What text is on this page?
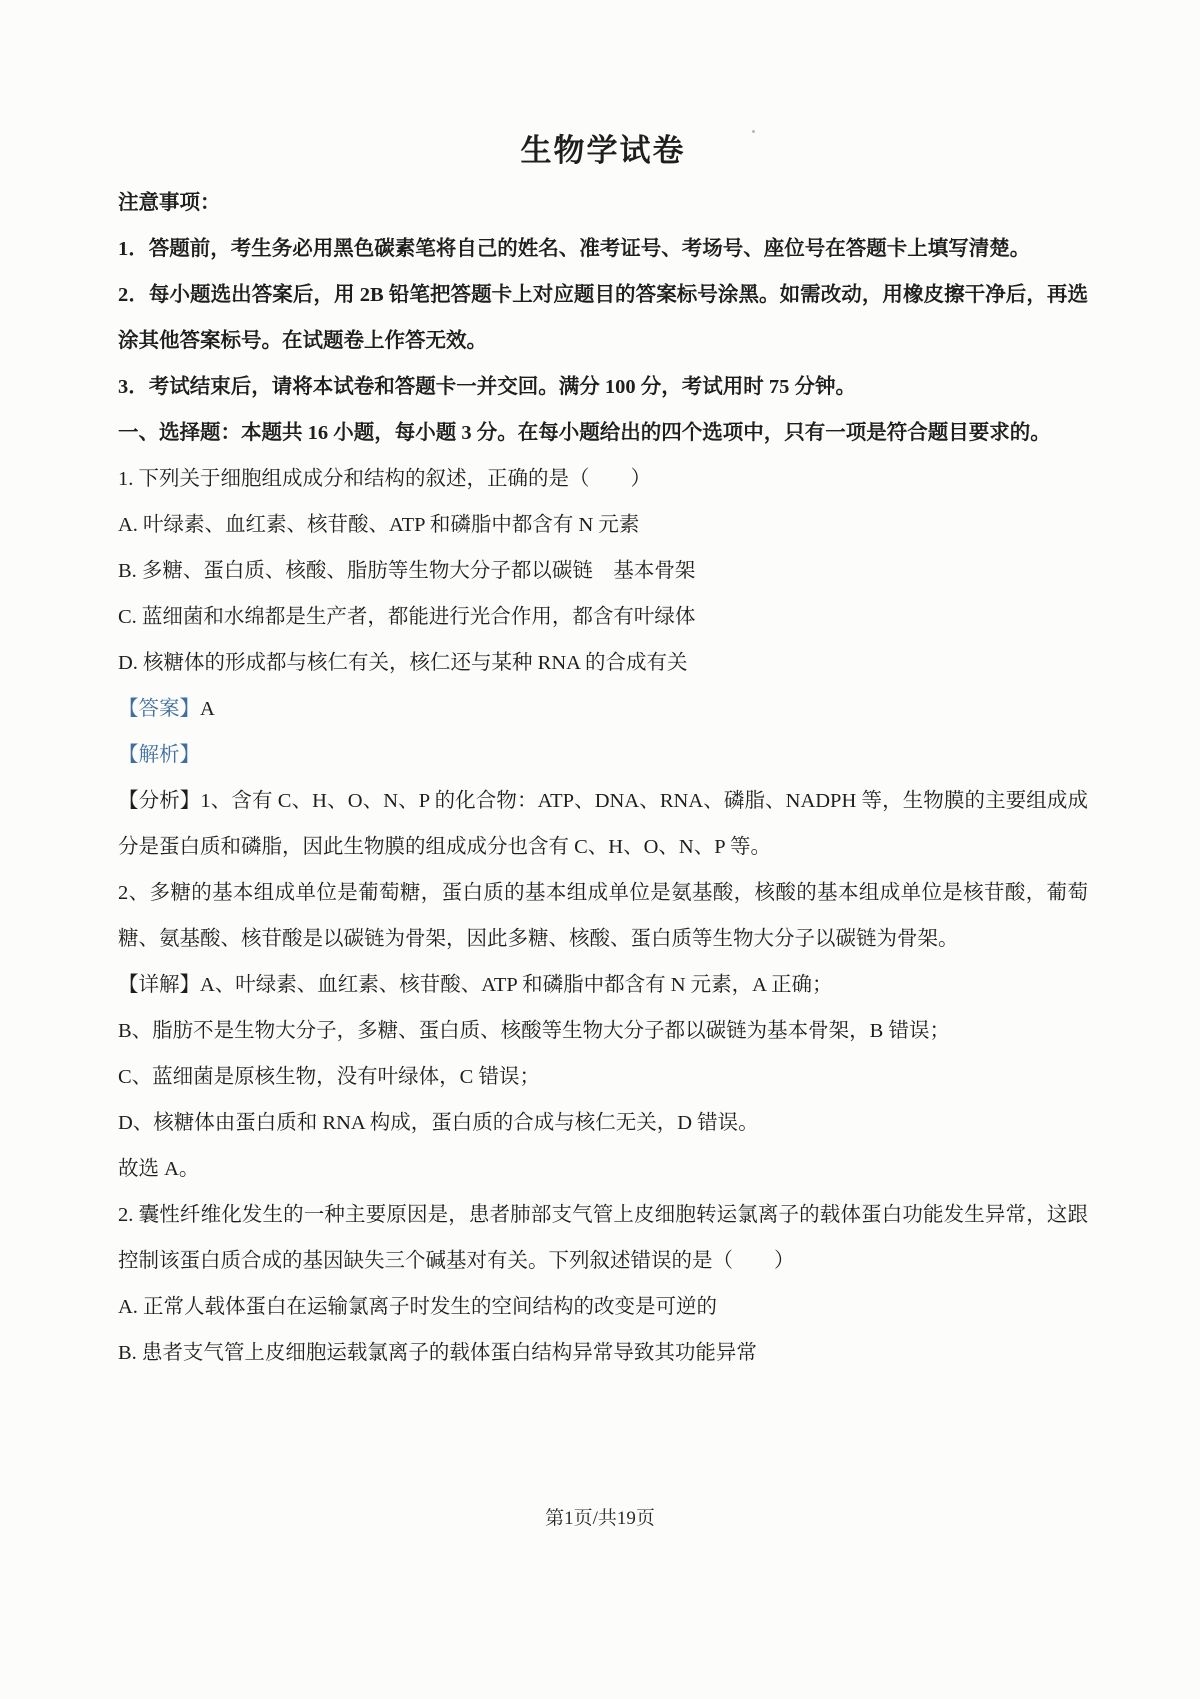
生物学试卷

注意事项：

1．答题前，考生务必用黑色碳素笔将自己的姓名、准考证号、考场号、座位号在答题卡上填写清楚。

2．每小题选出答案后，用 2B 铅笔把答题卡上对应题目的答案标号涂黑。如需改动，用橡皮擦干净后，再选涂其他答案标号。在试题卷上作答无效。

3．考试结束后，请将本试卷和答题卡一并交回。满分 100 分，考试用时 75 分钟。

一、选择题：本题共 16 小题，每小题 3 分。在每小题给出的四个选项中，只有一项是符合题目要求的。

1. 下列关于细胞组成成分和结构的叙述，正确的是（　　）

A. 叶绿素、血红素、核苷酸、ATP 和磷脂中都含有 N 元素

B. 多糖、蛋白质、核酸、脂肪等生物大分子都以碳链　基本骨架

C. 蓝细菌和水绵都是生产者，都能进行光合作用，都含有叶绿体

D. 核糖体的形成都与核仁有关，核仁还与某种 RNA 的合成有关

【答案】A

【解析】

【分析】1、含有 C、H、O、N、P 的化合物：ATP、DNA、RNA、磷脂、NADPH 等，生物膜的主要组成成分是蛋白质和磷脂，因此生物膜的组成成分也含有 C、H、O、N、P 等。

2、多糖的基本组成单位是葡萄糖，蛋白质的基本组成单位是氨基酸，核酸的基本组成单位是核苷酸，葡萄糖、氨基酸、核苷酸是以碳链为骨架，因此多糖、核酸、蛋白质等生物大分子以碳链为骨架。

【详解】A、叶绿素、血红素、核苷酸、ATP 和磷脂中都含有 N 元素，A 正确；

B、脂肪不是生物大分子，多糖、蛋白质、核酸等生物大分子都以碳链为基本骨架，B 错误；

C、蓝细菌是原核生物，没有叶绿体，C 错误；

D、核糖体由蛋白质和 RNA 构成，蛋白质的合成与核仁无关，D 错误。

故选 A。

2. 囊性纤维化发生的一种主要原因是，患者肺部支气管上皮细胞转运氯离子的载体蛋白功能发生异常，这跟控制该蛋白质合成的基因缺失三个碱基对有关。下列叙述错误的是（　　）

A. 正常人载体蛋白在运输氯离子时发生的空间结构的改变是可逆的

B. 患者支气管上皮细胞运载氯离子的载体蛋白结构异常导致其功能异常

第1页/共19页
